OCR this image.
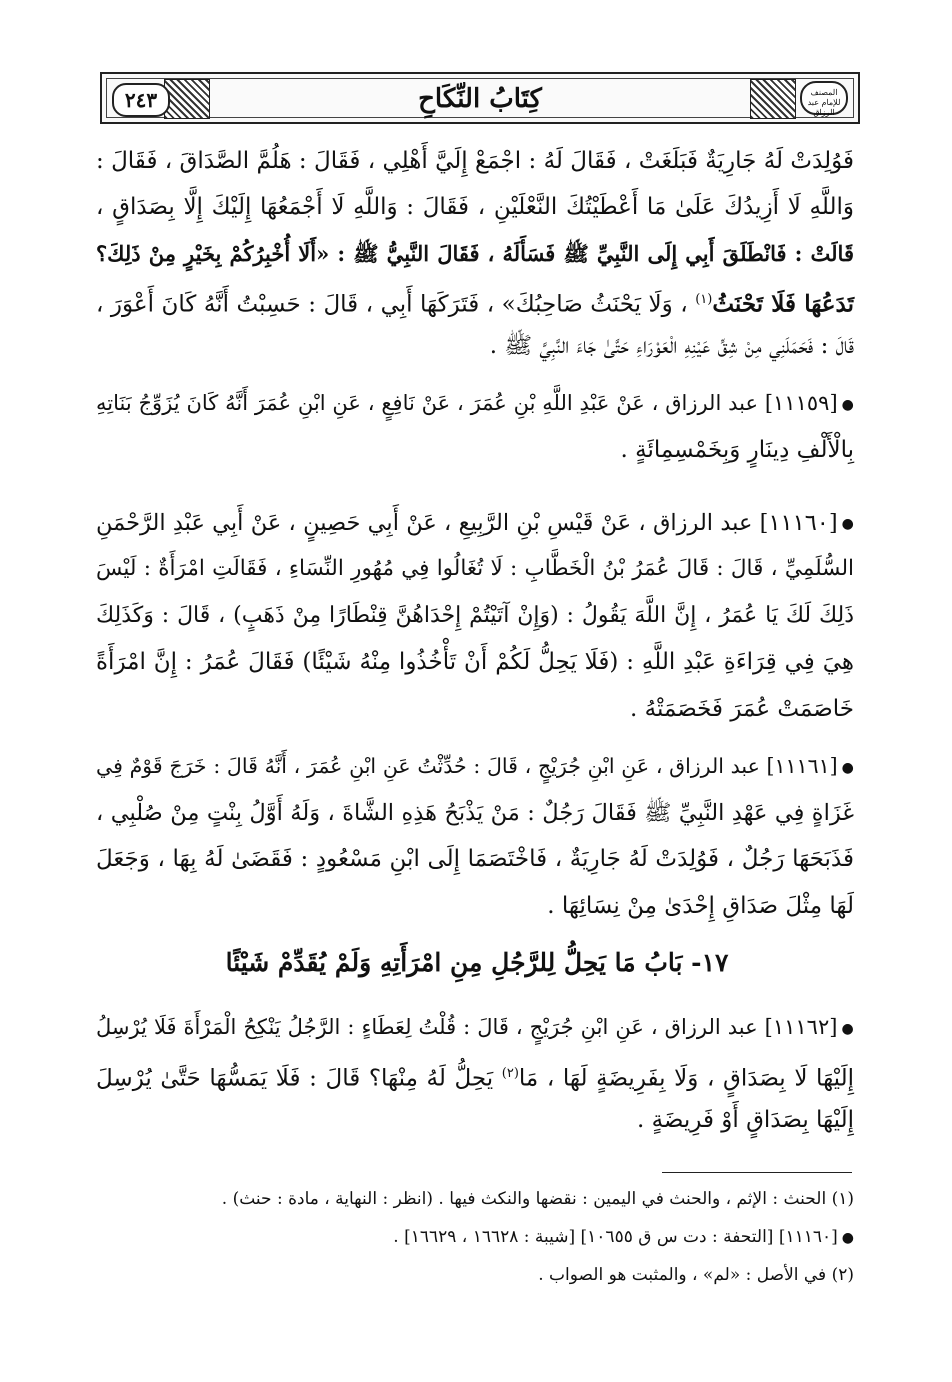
٢٤٣	المصنف للإمام عبد الرزاق
كِتَابُ النِّكَاحِ
فَوُلِدَتْ لَهُ جَارِيَةٌ فَبَلَغَتْ ، فَقَالَ لَهُ : اجْمَعْ إِلَيَّ أَهْلِي ، فَقَالَ : هَلُمَّ الصَّدَاقَ ، فَقَالَ :
وَاللَّهِ لَا أَزِيدُكَ عَلَىٰ مَا أَعْطَيْتُكَ النَّعْلَيْنِ ، فَقَالَ : وَاللَّهِ لَا أَجْمَعُهَا إِلَيْكَ إِلَّا بِصَدَاقٍ ،
قَالَتْ : فَانْطَلَقَ أَبِي إِلَى النَّبِيِّ ﷺ فَسَأَلَهُ ، فَقَالَ النَّبِيُّ ﷺ : «أَلَا أُخْبِرُكُمْ بِخَيْرٍ مِنْ ذَلِكَ؟
تَدَعُهَا فَلَا تَحْنَثُ$^{(١)}$ ، وَلَا يَحْنَثُ صَاحِبُكَ» ، فَتَرَكَهَا أَبِي ، قَالَ : حَسِبْتُ أَنَّهُ كَانَ أَعْوَرَ ،
قَالَ : فَحَمَلَنِي مِنْ شِقِّ عَيْنِهِ الْعَوْرَاءِ حَتَّىٰ جَاءَ النَّبِيَّ ﷺ .
●[١١١٥٩] عبد الرزاق ، عَنْ عَبْدِ اللَّهِ بْنِ عُمَرَ ، عَنْ نَافِعٍ ، عَنِ ابْنِ عُمَرَ أَنَّهُ كَانَ يُزَوِّجُ بَنَاتِهِ
بِالْأَلْفِ دِينَارٍ وَبِخَمْسِمِائَةٍ .
●[١١١٦٠] عبد الرزاق ، عَنْ قَيْسِ بْنِ الرَّبِيعِ ، عَنْ أَبِي حَصِينٍ ، عَنْ أَبِي عَبْدِ الرَّحْمَنِ
السُّلَمِيِّ ، قَالَ : قَالَ عُمَرُ بْنُ الْخَطَّابِ : لَا تُغَالُوا فِي مُهُورِ النِّسَاءِ ، فَقَالَتِ امْرَأَةٌ : لَيْسَ
ذَلِكَ لَكَ يَا عُمَرُ ، إِنَّ اللَّهَ يَقُولُ : (وَإِنْ آتَيْتُمْ إِحْدَاهُنَّ قِنْطَارًا مِنْ ذَهَبٍ) ، قَالَ : وَكَذَلِكَ
هِيَ فِي قِرَاءَةِ عَبْدِ اللَّهِ : (فَلَا يَحِلُّ لَكُمْ أَنْ تَأْخُذُوا مِنْهُ شَيْئًا) فَقَالَ عُمَرُ : إِنَّ امْرَأَةً
خَاصَمَتْ عُمَرَ فَخَصَمَتْهُ .
●[١١١٦١] عبد الرزاق ، عَنِ ابْنِ جُرَيْجٍ ، قَالَ : حُدِّثْتُ عَنِ ابْنِ عُمَرَ ، أَنَّهُ قَالَ : خَرَجَ قَوْمٌ فِي
غَزَاةٍ فِي عَهْدِ النَّبِيِّ ﷺ فَقَالَ رَجُلٌ : مَنْ يَذْبَحُ هَذِهِ الشَّاةَ ، وَلَهُ أَوَّلُ بِنْتٍ مِنْ صُلْبِي ،
فَذَبَحَهَا رَجُلٌ ، فَوُلِدَتْ لَهُ جَارِيَةٌ ، فَاخْتَصَمَا إِلَى ابْنِ مَسْعُودٍ : فَقَضَىٰ لَهُ بِهَا ، وَجَعَلَ
لَهَا مِثْلَ صَدَاقِ إِحْدَىٰ مِنْ نِسَائِهَا .
١٧- بَابُ مَا يَحِلُّ لِلرَّجُلِ مِنِ امْرَأَتِهِ وَلَمْ يُقَدِّمْ شَيْئًا
●[١١١٦٢] عبد الرزاق ، عَنِ ابْنِ جُرَيْجٍ ، قَالَ : قُلْتُ لِعَطَاءٍ : الرَّجُلُ يَنْكِحُ الْمَرْأَةَ فَلَا يُرْسِلُ
إِلَيْهَا لَا بِصَدَاقٍ ، وَلَا بِفَرِيضَةٍ لَهَا ، مَا$^{(٢)}$ يَحِلُّ لَهُ مِنْهَا؟ قَالَ : فَلَا يَمَسُّهَا حَتَّىٰ يُرْسِلَ
إِلَيْهَا بِصَدَاقٍ أَوْ فَرِيضَةٍ .
(١) الحنث : الإثم ، والحنث في اليمين : نقضها والنكث فيها . (انظر : النهاية ، مادة : حنث) .
●[١١١٦٠] [التحفة : دت س ق ١٠٦٥٥] [شيبة : ١٦٦٢٨ ، ١٦٦٢٩] .
(٢) في الأصل : «لم» ، والمثبت هو الصواب .
